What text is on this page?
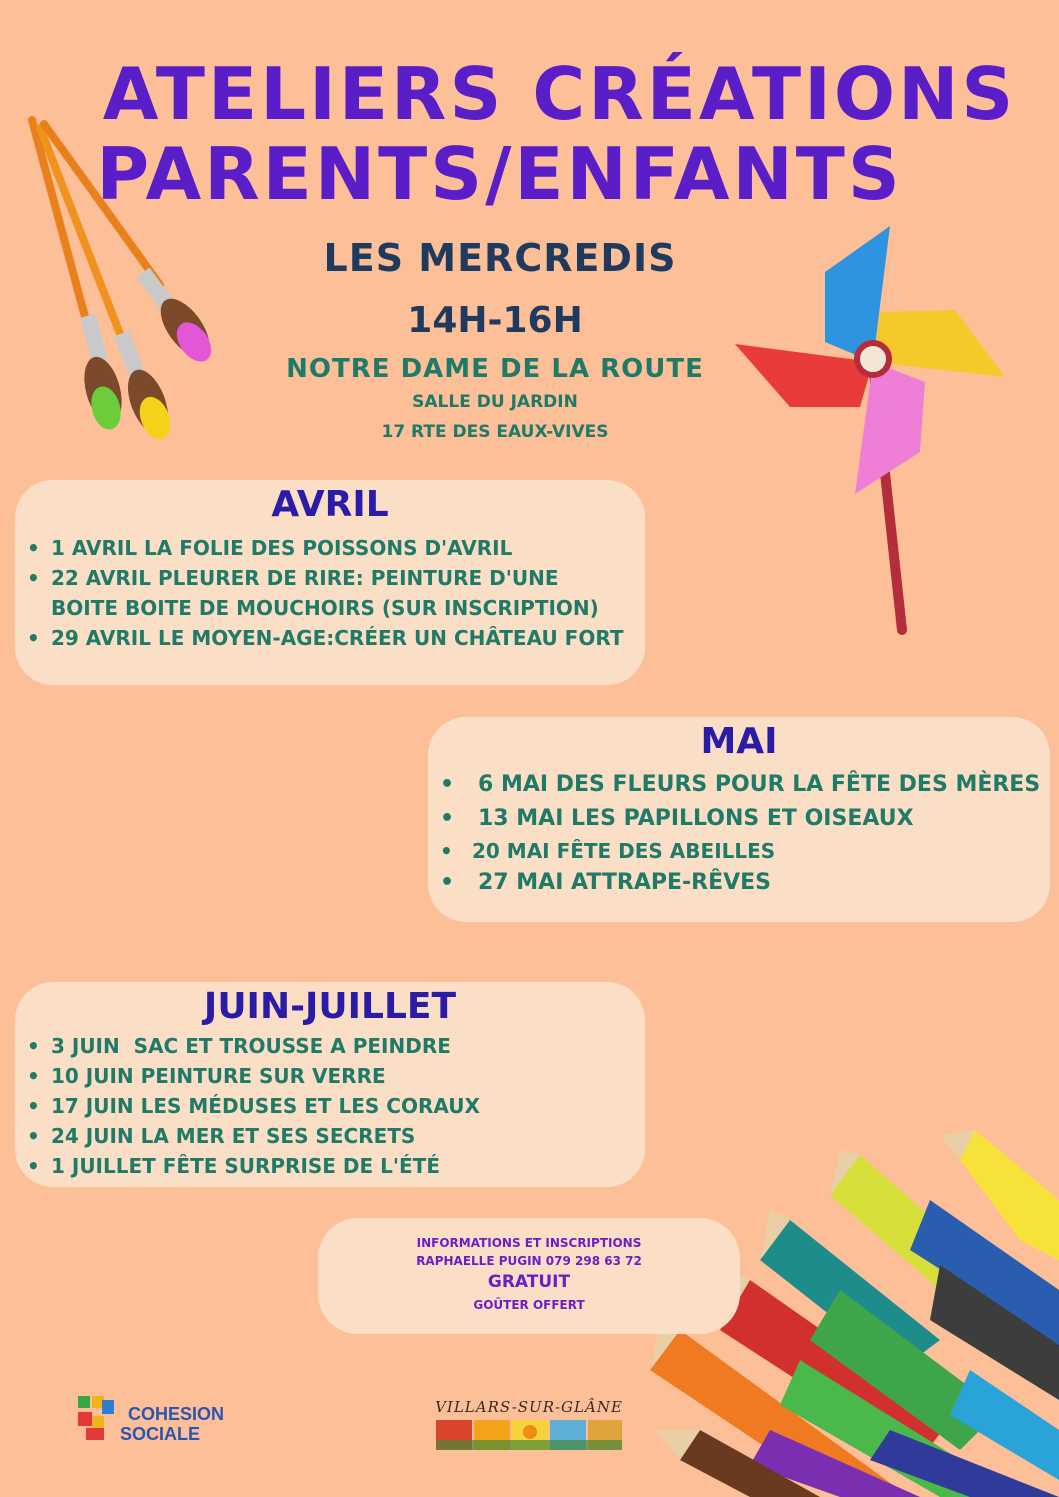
ATELIERS CRÉATIONS
PARENTS/ENFANTS
LES MERCREDIS
14H-16H
NOTRE DAME DE LA ROUTE
SALLE DU JARDIN
17 RTE DES EAUX-VIVES
AVRIL
• 1 AVRIL LA FOLIE DES POISSONS D'AVRIL
• 22 AVRIL PLEURER DE RIRE: PEINTURE D'UNE BOITE BOITE DE MOUCHOIRS (SUR INSCRIPTION)
• 29 AVRIL LE MOYEN-AGE:CRÉER UN CHÂTEAU FORT
MAI
• 6 MAI DES FLEURS POUR LA FÊTE DES MÈRES
• 13 MAI LES PAPILLONS ET OISEAUX
• 20 MAI FÊTE DES ABEILLES
• 27 MAI ATTRAPE-RÊVES
JUIN-JUILLET
• 3 JUIN  SAC ET TROUSSE A PEINDRE
• 10 JUIN PEINTURE SUR VERRE
• 17 JUIN LES MÉDUSES ET LES CORAUX
• 24 JUIN LA MER ET SES SECRETS
• 1 JUILLET FÊTE SURPRISE DE L'ÉTÉ
INFORMATIONS ET INSCRIPTIONS
RAPHAELLE PUGIN 079 298 63 72
GRATUIT
GOÛTER OFFERT
COHESION
SOCIALE
VILLARS-SUR-GLÂNE
